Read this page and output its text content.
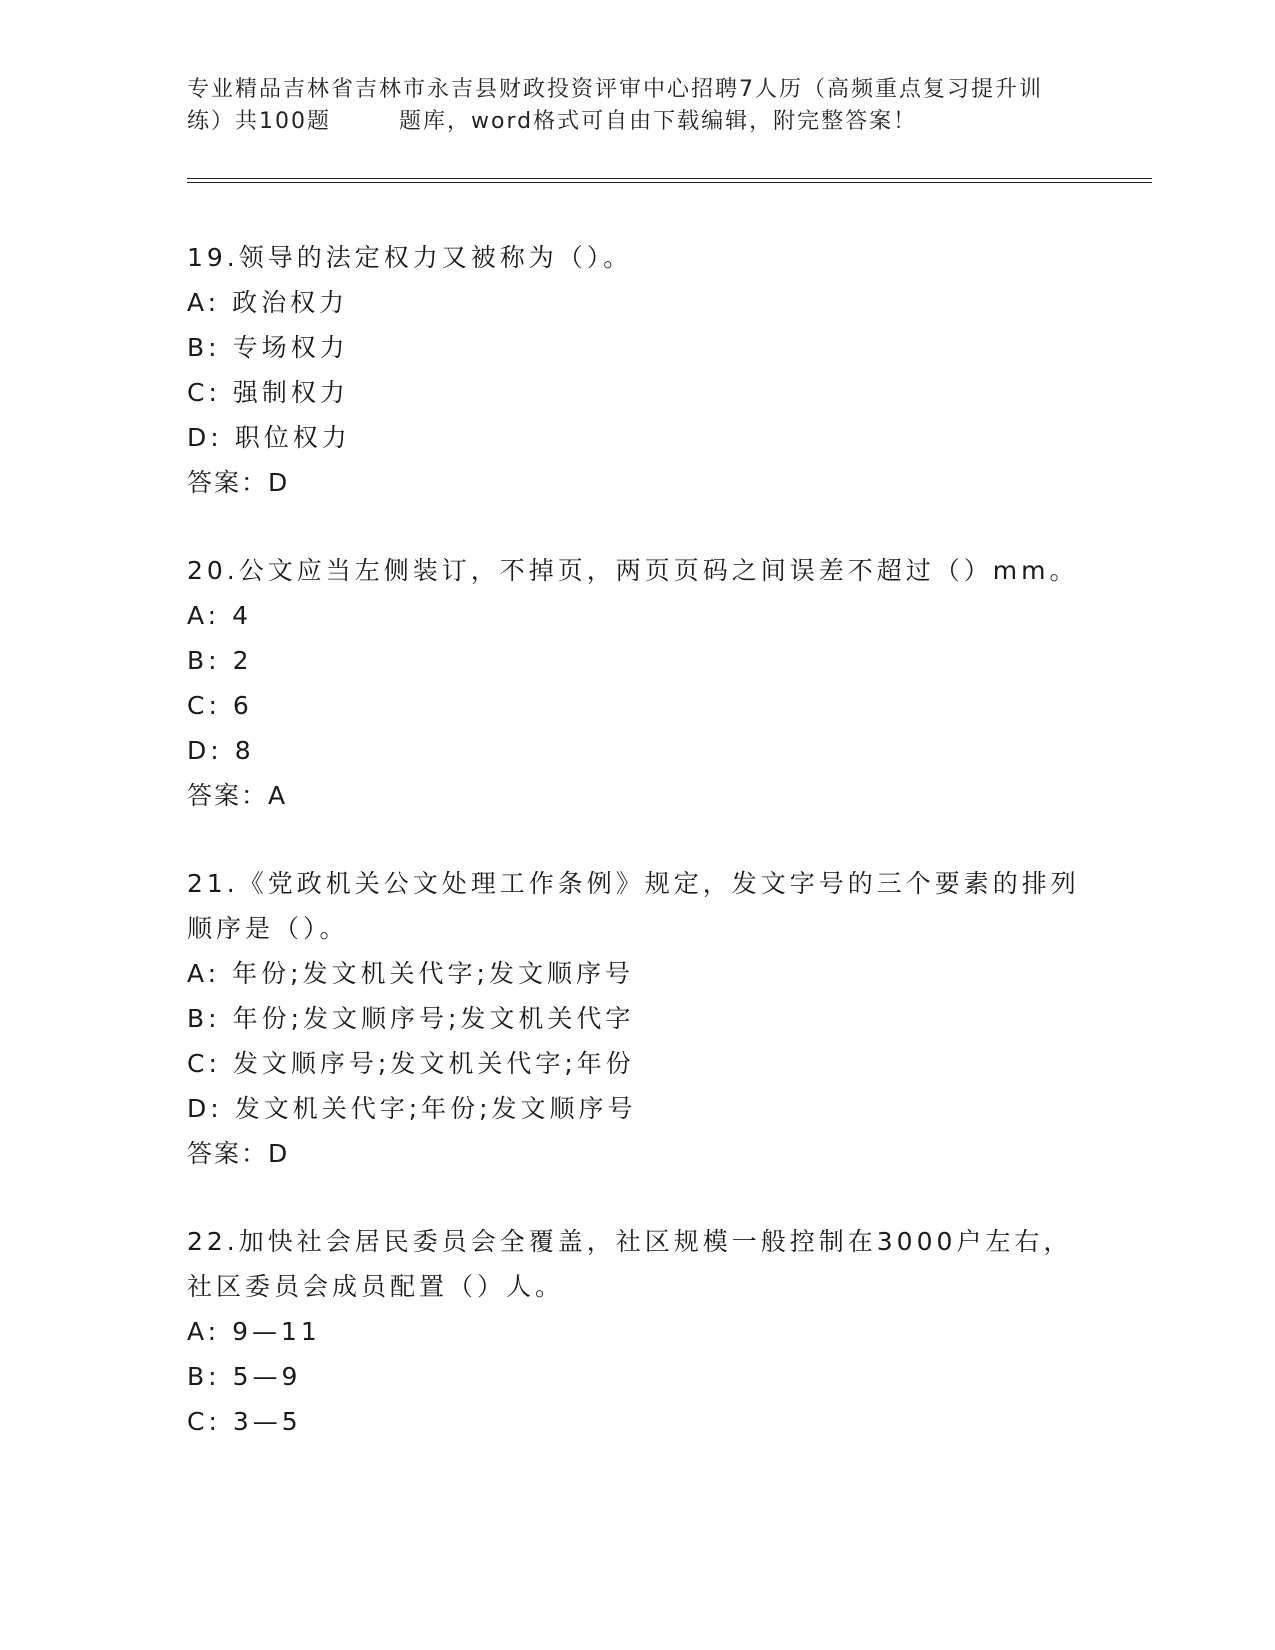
专业精品吉林省吉林市永吉县财政投资评审中心招聘7人历（高频重点复习提升训
练）共100题	题库，word格式可自由下载编辑，附完整答案！

19.领导的法定权力又被称为（）。

A: 政治权力

B: 专场权力

C: 强制权力

D: 职位权力

答案：D

20.公文应当左侧装订，不掉页，两页页码之间误差不超过（）mm。

A: 4

B: 2

C: 6

D: 8

答案：A

21.《党政机关公文处理工作条例》规定，发文字号的三个要素的排列
顺序是（）。

A: 年份;发文机关代字;发文顺序号

B: 年份;发文顺序号;发文机关代字

C: 发文顺序号;发文机关代字;年份

D: 发文机关代字;年份;发文顺序号

答案：D

22.加快社会居民委员会全覆盖，社区规模一般控制在3000户左右，
社区委员会成员配置（）人。

A: 9—11

B: 5—9

C: 3—5
